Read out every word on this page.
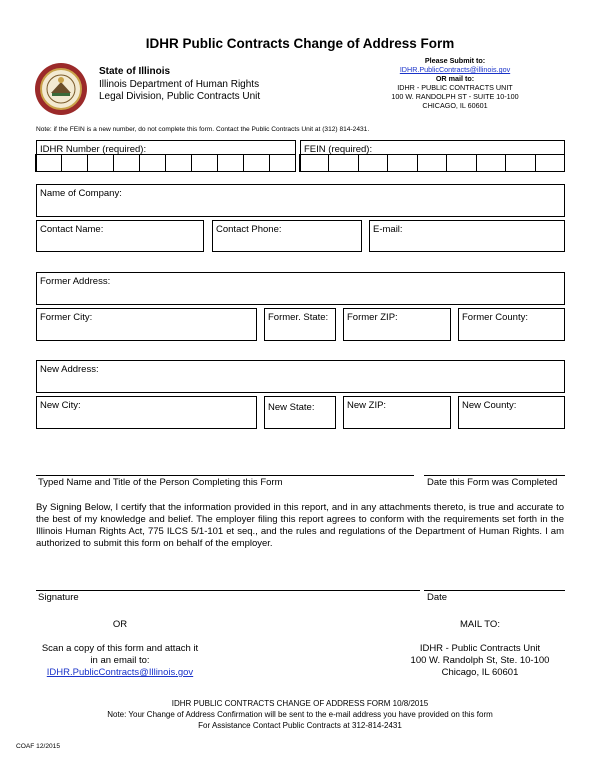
IDHR Public Contracts Change of Address Form
State of Illinois
Illinois Department of Human Rights
Legal Division, Public Contracts Unit
Please Submit to:
IDHR.PublicContracts@illinois.gov
OR mail to:
IDHR - PUBLIC CONTRACTS UNIT
100 W. RANDOLPH ST - SUITE 10-100
CHICAGO, IL 60601
Note: if the FEIN is a new number, do not complete this form. Contact the Public Contracts Unit at (312) 814-2431.
IDHR Number (required):	FEIN (required):
Name of Company:
Contact Name:	Contact Phone:	E-mail:
Former Address:
Former City:	Former. State: Former ZIP:	Former County:
New Address:
New City:	New State:	New ZIP:	New County:
Typed Name and Title of the Person Completing this Form	Date this Form was Completed
By Signing Below, I certify that the information provided in this report, and in any attachments thereto, is true and accurate to the best of my knowledge and belief. The employer filing this report agrees to conform with the requirements set forth in the Illinois Human Rights Act, 775 ILCS 5/1-101 et seq., and the rules and regulations of the Department of Human Rights. I am authorized to submit this form on behalf of the employer.
Signature	Date
OR	MAIL TO:
Scan a copy of this form and attach it
in an email to:
IDHR.PublicContracts@Illinois.gov
IDHR - Public Contracts Unit
100 W. Randolph St, Ste. 10-100
Chicago, IL 60601
IDHR PUBLIC CONTRACTS CHANGE OF ADDRESS FORM 10/8/2015
Note: Your Change of Address Confirmation will be sent to the e-mail address you have provided on this form
For Assistance Contact Public Contracts at 312-814-2431
COAF 12/2015
